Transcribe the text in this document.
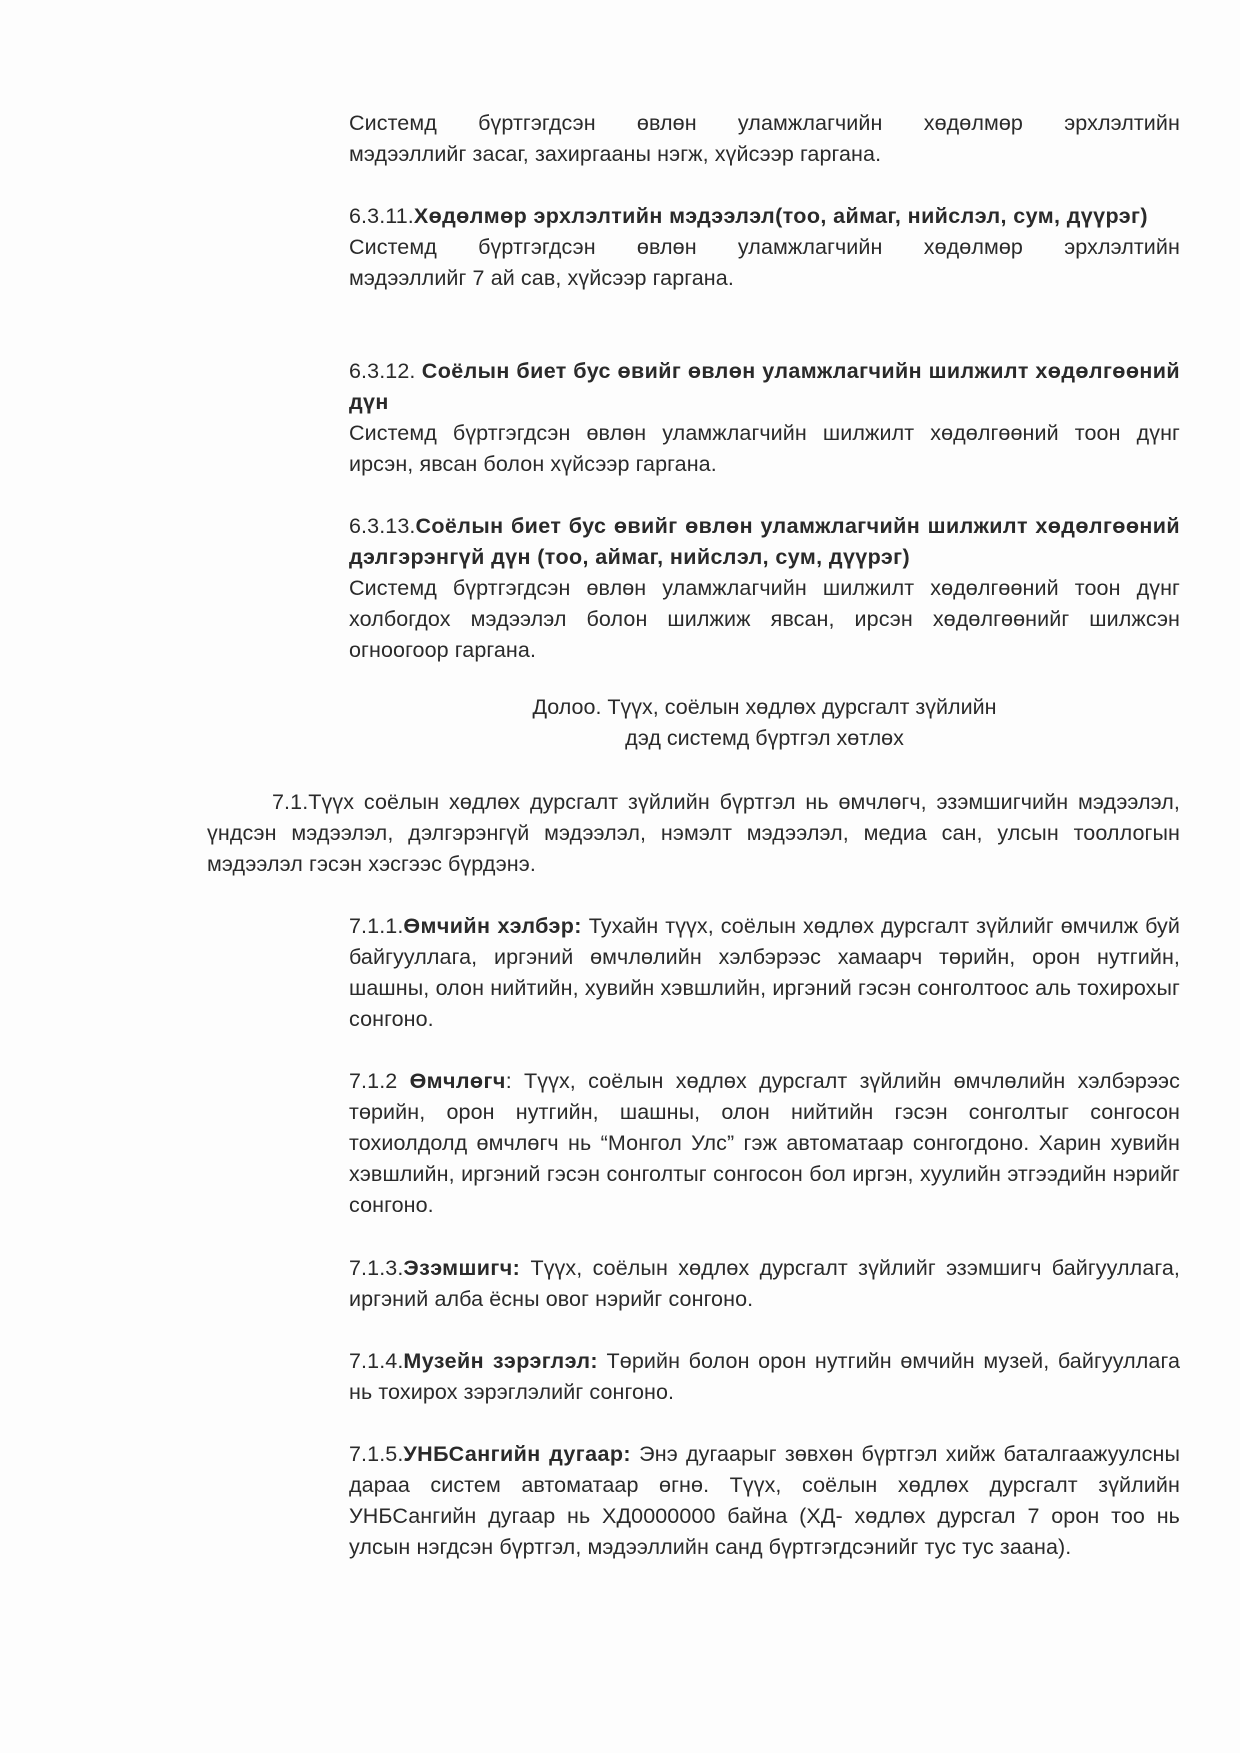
Системд бүртгэгдсэн өвлөн уламжлагчийн хөдөлмөр эрхлэлтийн
мэдээллийг засаг, захиргааны нэгж, хүйсээр гаргана.
6.3.11.Хөдөлмөр эрхлэлтийн мэдээлэл(тоо, аймаг, нийслэл, сум, дүүрэг)
Системд бүртгэгдсэн өвлөн уламжлагчийн хөдөлмөр эрхлэлтийн
мэдээллийг 7 ай сав, хүйсээр гаргана.
6.3.12. Соёлын биет бус өвийг өвлөн уламжлагчийн шилжилт хөдөлгөөний дүн
Системд бүртгэгдсэн өвлөн уламжлагчийн шилжилт хөдөлгөөний тоон дүнг ирсэн, явсан болон хүйсээр гаргана.
6.3.13.Соёлын биет бус өвийг өвлөн уламжлагчийн шилжилт хөдөлгөөний дэлгэрэнгүй дүн (тоо, аймаг, нийслэл, сум, дүүрэг)
Системд бүртгэгдсэн өвлөн уламжлагчийн шилжилт хөдөлгөөний тоон дүнг холбогдох мэдээлэл болон шилжиж явсан, ирсэн хөдөлгөөнийг шилжсэн огноогоор гаргана.
Долоо. Түүх, соёлын хөдлөх дурсгалт зүйлийн
дэд системд бүртгэл хөтлөх
7.1.Түүх соёлын хөдлөх дурсгалт зүйлийн бүртгэл нь өмчлөгч, эзэмшигчийн мэдээлэл, үндсэн мэдээлэл, дэлгэрэнгүй мэдээлэл, нэмэлт мэдээлэл, медиа сан, улсын тооллогын мэдээлэл гэсэн хэсгээс бүрдэнэ.
7.1.1.Өмчийн хэлбэр: Тухайн түүх, соёлын хөдлөх дурсгалт зүйлийг өмчилж буй байгууллага, иргэний өмчлөлийн хэлбэрээс хамаарч төрийн, орон нутгийн, шашны, олон нийтийн, хувийн хэвшлийн, иргэний гэсэн сонголтоос аль тохирохыг сонгоно.
7.1.2 Өмчлөгч: Түүх, соёлын хөдлөх дурсгалт зүйлийн өмчлөлийн хэлбэрээс төрийн, орон нутгийн, шашны, олон нийтийн гэсэн сонголтыг сонгосон тохиолдолд өмчлөгч нь “Монгол Улс” гэж автоматаар сонгогдоно. Харин хувийн хэвшлийн, иргэний гэсэн сонголтыг сонгосон бол иргэн, хуулийн этгээдийн нэрийг сонгоно.
7.1.3.Эзэмшигч: Түүх, соёлын хөдлөх дурсгалт зүйлийг эзэмшигч байгууллага, иргэний алба ёсны овог нэрийг сонгоно.
7.1.4.Музейн зэрэглэл: Төрийн болон орон нутгийн өмчийн музей, байгууллага нь тохирох зэрэглэлийг сонгоно.
7.1.5.УНБСангийн дугаар: Энэ дугаарыг зөвхөн бүртгэл хийж баталгаажуулсны дараа систем автоматаар өгнө. Түүх, соёлын хөдлөх дурсгалт зүйлийн УНБСангийн дугаар нь ХД0000000 байна (ХД- хөдлөх дурсгал 7 орон тоо нь улсын нэгдсэн бүртгэл, мэдээллийн санд бүртгэгдсэнийг тус тус заана).
